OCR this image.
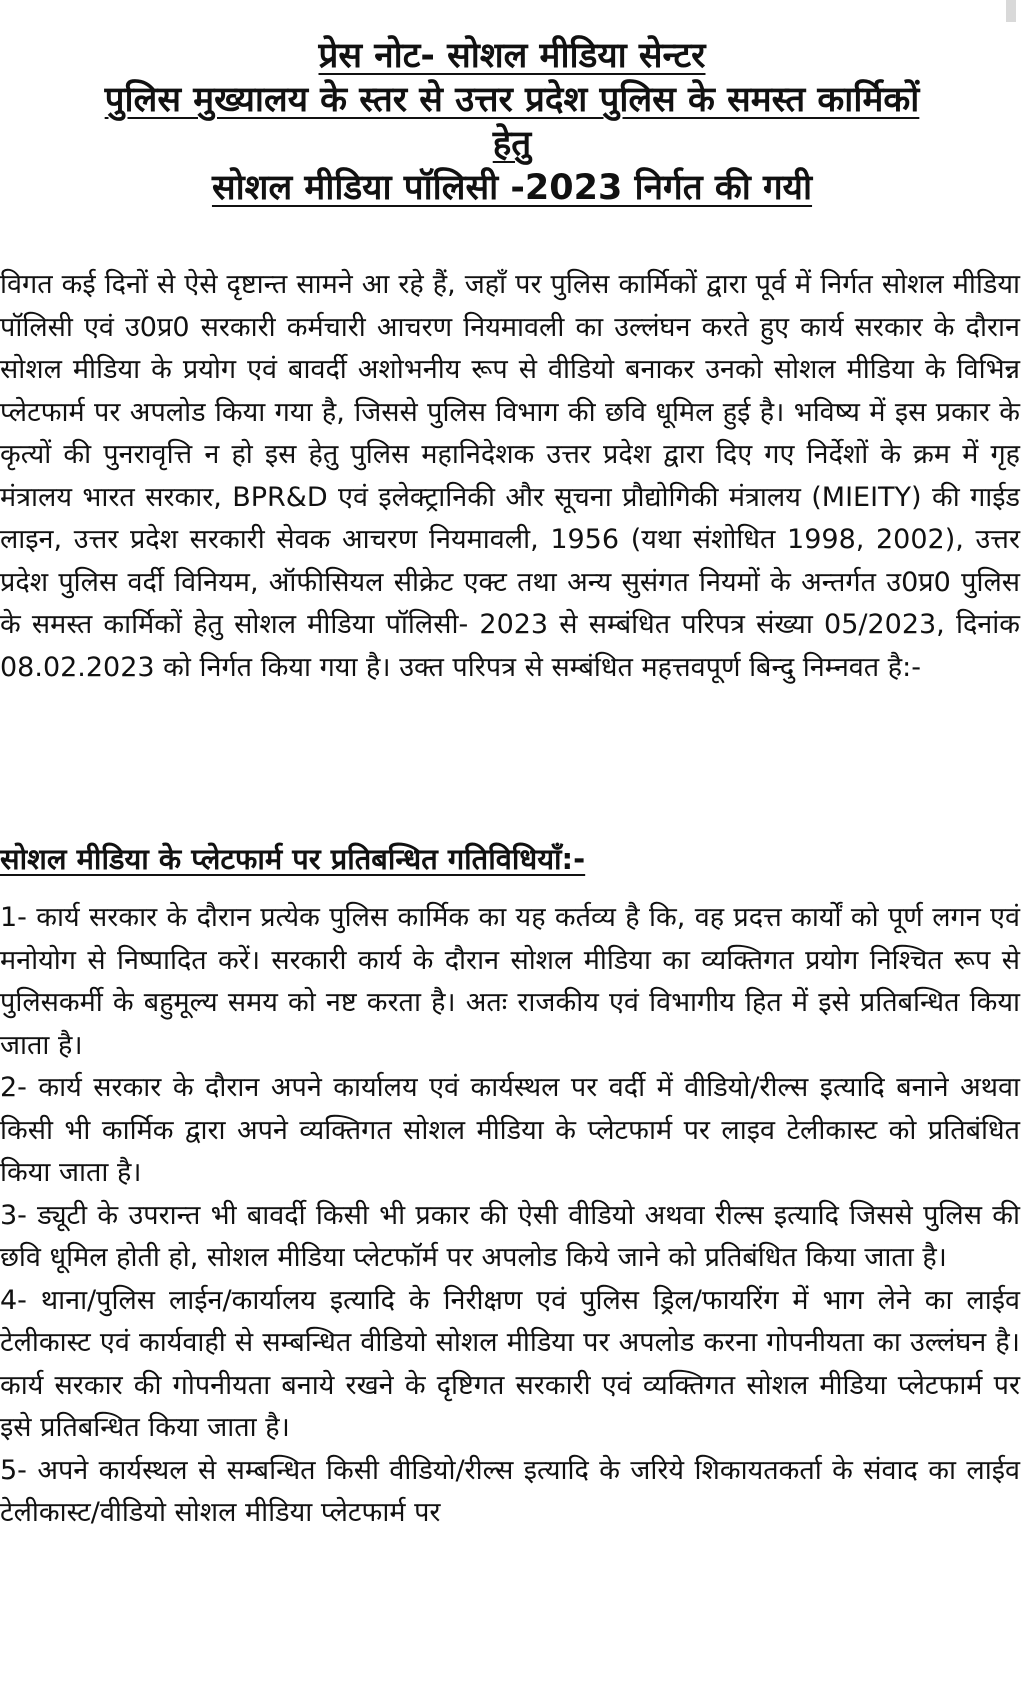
प्रेस नोट- सोशल मीडिया सेन्टर
पुलिस मुख्यालय के स्तर से उत्तर प्रदेश पुलिस के समस्त कार्मिकों
हेतु
सोशल मीडिया पॉलिसी -2023 निर्गत की गयी

विगत कई दिनों से ऐसे दृष्टान्त सामने आ रहे हैं, जहाँ पर पुलिस कार्मिकों द्वारा पूर्व में निर्गत सोशल मीडिया पॉलिसी एवं उ0प्र0 सरकारी कर्मचारी आचरण नियमावली का उल्लंघन करते हुए कार्य सरकार के दौरान सोशल मीडिया के प्रयोग एवं बावर्दी अशोभनीय रूप से वीडियो बनाकर उनको सोशल मीडिया के विभिन्न प्लेटफार्म पर अपलोड किया गया है, जिससे पुलिस विभाग की छवि धूमिल हुई है। भविष्य में इस प्रकार के कृत्यों की पुनरावृत्ति न हो इस हेतु पुलिस महानिदेशक उत्तर प्रदेश द्वारा दिए गए निर्देशों के क्रम में गृह मंत्रालय भारत सरकार, BPR&D एवं इलेक्ट्रानिकी और सूचना प्रौद्योगिकी मंत्रालय (MIEITY) की गाईड लाइन, उत्तर प्रदेश सरकारी सेवक आचरण नियमावली, 1956 (यथा संशोधित 1998, 2002), उत्तर प्रदेश पुलिस वर्दी विनियम, ऑफीसियल सीक्रेट एक्ट तथा अन्य सुसंगत नियमों के अन्तर्गत उ0प्र0 पुलिस के समस्त कार्मिकों हेतु सोशल मीडिया पॉलिसी- 2023 से सम्बंधित परिपत्र संख्या 05/2023, दिनांक 08.02.2023 को निर्गत किया गया है। उक्त परिपत्र से सम्बंधित महत्तवपूर्ण बिन्दु निम्नवत है:-

सोशल मीडिया के प्लेटफार्म पर प्रतिबन्धित गतिविधियॉं:-

1- कार्य सरकार के दौरान प्रत्येक पुलिस कार्मिक का यह कर्तव्य है कि, वह प्रदत्त कार्यों को पूर्ण लगन एवं मनोयोग से निष्पादित करें। सरकारी कार्य के दौरान सोशल मीडिया का व्यक्तिगत प्रयोग निश्चित रूप से पुलिसकर्मी के बहुमूल्य समय को नष्ट करता है। अतः राजकीय एवं विभागीय हित में इसे प्रतिबन्धित किया जाता है।

2- कार्य सरकार के दौरान अपने कार्यालय एवं कार्यस्थल पर वर्दी में वीडियो/रील्स इत्यादि बनाने अथवा किसी भी कार्मिक द्वारा अपने व्यक्तिगत सोशल मीडिया के प्लेटफार्म पर लाइव टेलीकास्ट को प्रतिबंधित किया जाता है।

3- ड्यूटी के उपरान्त भी बावर्दी किसी भी प्रकार की ऐसी वीडियो अथवा रील्स इत्यादि जिससे पुलिस की छवि धूमिल होती हो, सोशल मीडिया प्लेटफॉर्म पर अपलोड किये जाने को प्रतिबंधित किया जाता है।

4- थाना/पुलिस लाईन/कार्यालय इत्यादि के निरीक्षण एवं पुलिस ड्रिल/फायरिंग में भाग लेने का लाईव टेलीकास्ट एवं कार्यवाही से सम्बन्धित वीडियो सोशल मीडिया पर अपलोड करना गोपनीयता का उल्लंघन है। कार्य सरकार की गोपनीयता बनाये रखने के दृष्टिगत सरकारी एवं व्यक्तिगत सोशल मीडिया प्लेटफार्म पर इसे प्रतिबन्धित किया जाता है।

5- अपने कार्यस्थल से सम्बन्धित किसी वीडियो/रील्स इत्यादि के जरिये शिकायतकर्ता के संवाद का लाईव टेलीकास्ट/वीडियो सोशल मीडिया प्लेटफार्म पर
